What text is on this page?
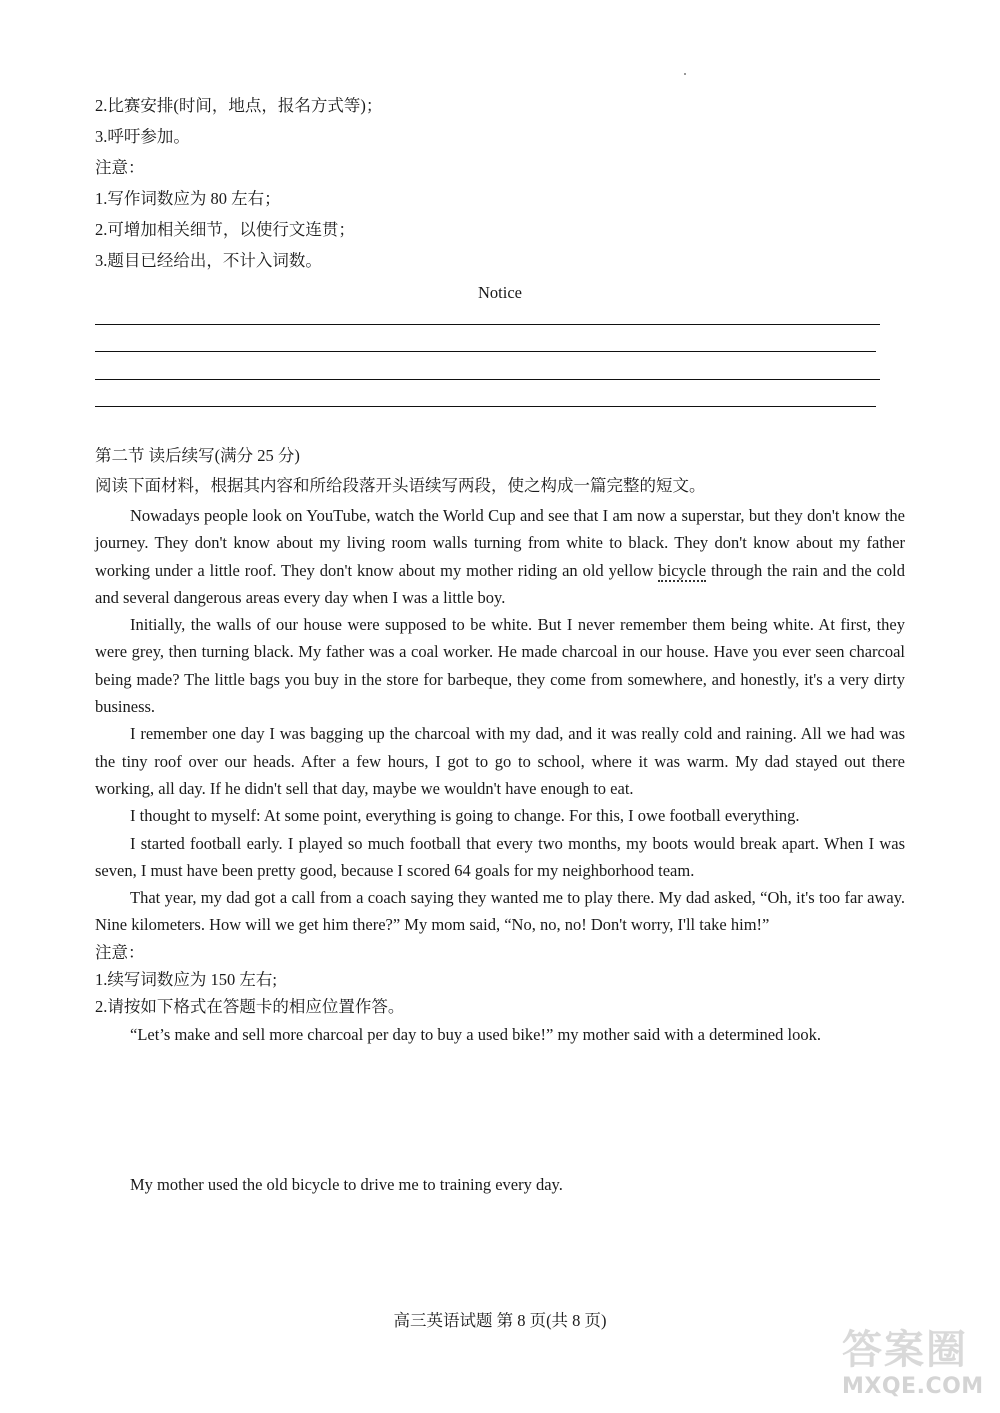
2.比赛安排(时间，地点，报名方式等)；
3.呼吁参加。
注意：
1.写作词数应为 80 左右；
2.可增加相关细节，以使行文连贯；
3.题目已经给出，不计入词数。
Notice
第二节 读后续写(满分 25 分)
阅读下面材料，根据其内容和所给段落开头语续写两段，使之构成一篇完整的短文。

Nowadays people look on YouTube, watch the World Cup and see that I am now a superstar, but they don't know the journey. They don't know about my living room walls turning from white to black. They don't know about my father working under a little roof. They don't know about my mother riding an old yellow bicycle through the rain and the cold and several dangerous areas every day when I was a little boy.

Initially, the walls of our house were supposed to be white. But I never remember them being white. At first, they were grey, then turning black. My father was a coal worker. He made charcoal in our house. Have you ever seen charcoal being made? The little bags you buy in the store for barbeque, they come from somewhere, and honestly, it's a very dirty business.

I remember one day I was bagging up the charcoal with my dad, and it was really cold and raining. All we had was the tiny roof over our heads. After a few hours, I got to go to school, where it was warm. My dad stayed out there working, all day. If he didn't sell that day, maybe we wouldn't have enough to eat.

I thought to myself: At some point, everything is going to change. For this, I owe football everything.

I started football early. I played so much football that every two months, my boots would break apart. When I was seven, I must have been pretty good, because I scored 64 goals for my neighborhood team.

That year, my dad got a call from a coach saying they wanted me to play there. My dad asked, “Oh, it's too far away. Nine kilometers. How will we get him there?” My mom said, “No, no, no! Don't worry, I'll take him!”

注意：

1.续写词数应为 150 左右;

2.请按如下格式在答题卡的相应位置作答。

“Let’s make and sell more charcoal per day to buy a used bike!” my mother said with a determined look.

My mother used the old bicycle to drive me to training every day.
高三英语试题 第 8 页(共 8 页)
答案圈
MXQE.COM
